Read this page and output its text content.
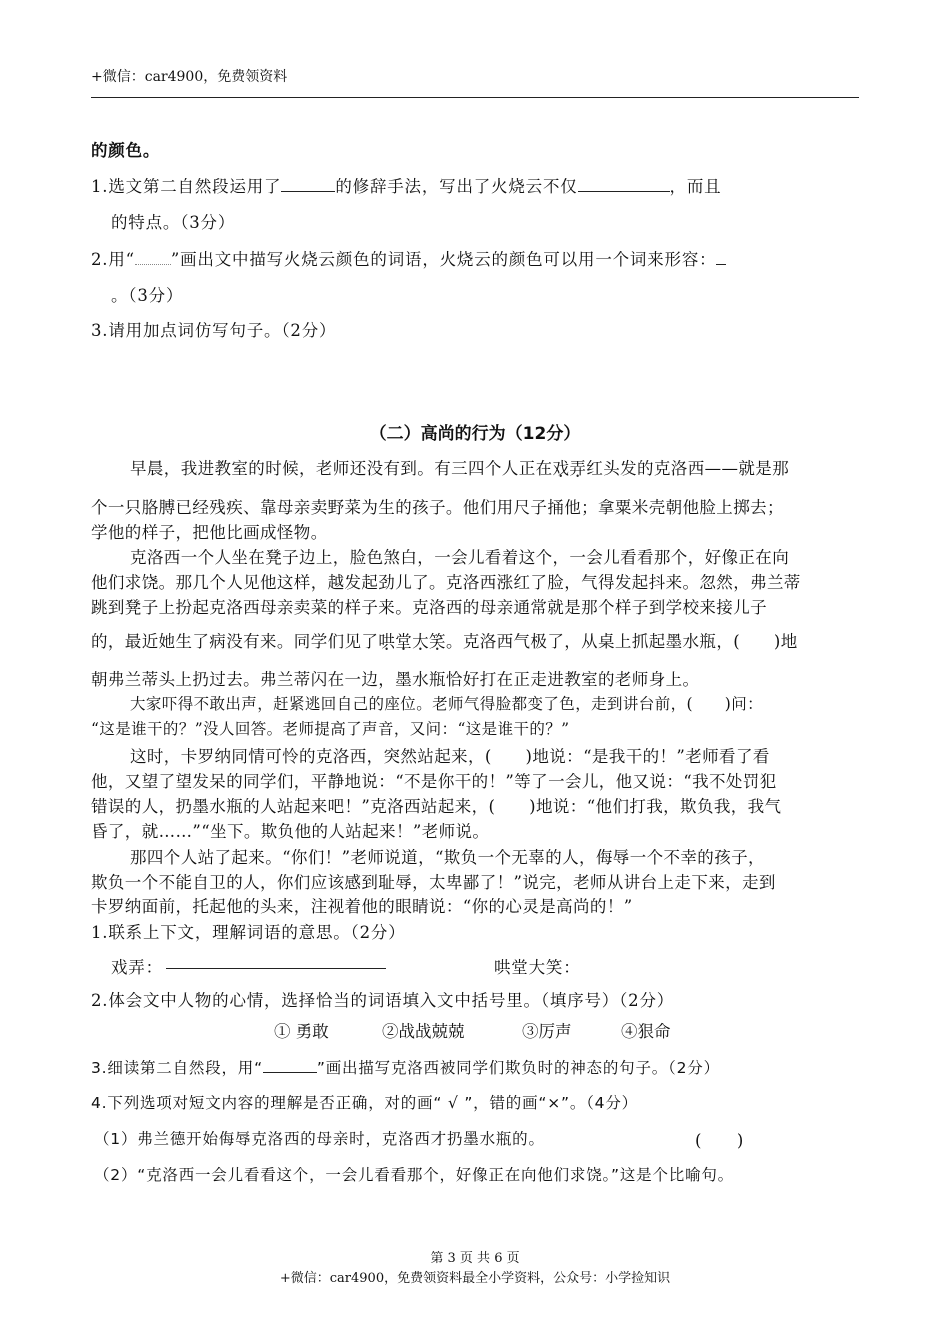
+微信：car4900，免费领资料
的颜色。
1.选文第二自然段运用了	的修辞手法，写出了火烧云不仅	，而且
的特点。（3分）
2.用“ ”画出文中描写火烧云颜色的词语，火烧云的颜色可以用一个词来形容：
。（3分）
3.请用加点词仿写句子。（2分）
（二）高尚的行为（12分）
早晨，我进教室的时候，老师还没有到。有三四个人正在戏弄红头发的克洛西——就是那
个一只胳膊已经残疾、靠母亲卖野菜为生的孩子。他们用尺子捅他；拿粟米壳朝他脸上掷去；
学他的样子，把他比画成怪物。
克洛西一个人坐在凳子边上，脸色煞白，一会儿看着这个，一会儿看看那个，好像正在向
他们求饶。那几个人见他这样，越发起劲儿了。克洛西涨红了脸，气得发起抖来。忽然，弗兰蒂
跳到凳子上扮起克洛西母亲卖菜的样子来。克洛西的母亲通常就是那个样子到学校来接儿子
的，最近她生了病没有来。同学们见了哄堂大笑。克洛西气极了，从桌上抓起墨水瓶，(　　)地
朝弗兰蒂头上扔过去。弗兰蒂闪在一边，墨水瓶恰好打在正走进教室的老师身上。
大家吓得不敢出声，赶紧逃回自己的座位。老师气得脸都变了色，走到讲台前，(　　)问：
“这是谁干的？”没人回答。老师提高了声音，又问：“这是谁干的？”
这时，卡罗纳同情可怜的克洛西，突然站起来，(　　)地说：“是我干的！”老师看了看
他，又望了望发呆的同学们，平静地说：“不是你干的！”等了一会儿，他又说：“我不处罚犯
错误的人，扔墨水瓶的人站起来吧！”克洛西站起来，(　　)地说：“他们打我，欺负我，我气
昏了，就……”“坐下。欺负他的人站起来！”老师说。
那四个人站了起来。“你们！”老师说道，“欺负一个无辜的人，侮辱一个不幸的孩子，
欺负一个不能自卫的人，你们应该感到耻辱，太卑鄙了！”说完，老师从讲台上走下来，走到
卡罗纳面前，托起他的头来，注视着他的眼睛说：“你的心灵是高尚的！”
1.联系上下文，理解词语的意思。（2分）
戏弄：	哄堂大笑：
2.体会文中人物的心情，选择恰当的词语填入文中括号里。（填序号）（2分）
① 勇敢	②战战兢兢	③厉声	④狠命
3.细读第二自然段，用“	”画出描写克洛西被同学们欺负时的神态的句子。（2分）
4.下列选项对短文内容的理解是否正确，对的画“ √ ”，错的画“×”。（4分）
（1）弗兰德开始侮辱克洛西的母亲时，克洛西才扔墨水瓶的。	(　　)
（2）“克洛西一会儿看看这个，一会儿看看那个，好像正在向他们求饶。”这是个比喻句。
第 3 页 共 6 页
+微信：car4900，免费领资料最全小学资料，公众号：小学捡知识
